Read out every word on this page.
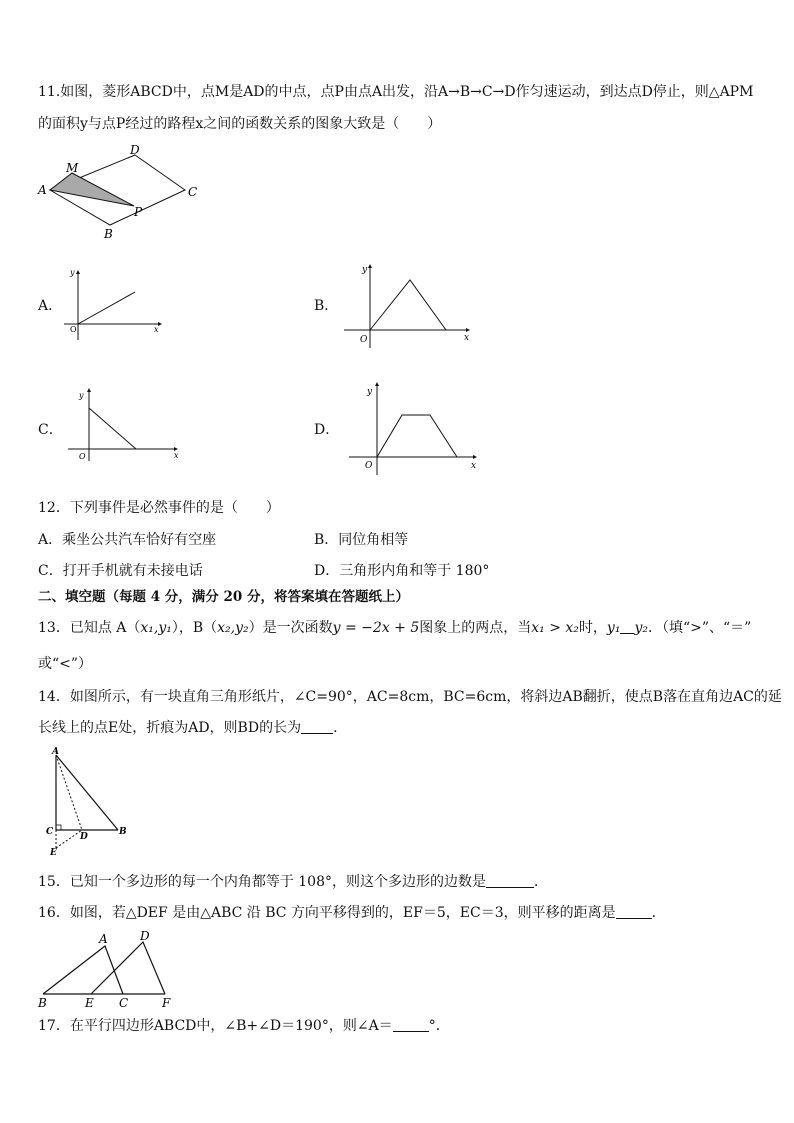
11.如图，菱形ABCD中，点M是AD的中点，点P由点A出发，沿A→B→C→D作匀速运动，到达点D停止，则△APM
的面积y与点P经过的路程x之间的函数关系的图象大致是（　　）
D
M
A	C
P
B
A．
y
x
O
B．
y
x
O
C．
y
x
O
D．
y
x
O
12．下列事件是必然事件的是（　　）
A．乘坐公共汽车恰好有空座	B．同位角相等
C．打开手机就有未接电话	D．三角形内角和等于 180°
二、填空题（每题 4 分，满分 20 分，将答案填在答题纸上）
13．已知点 A（x₁,y₁），B（x₂,y₂）是一次函数y = −2x + 5图象上的两点，当x₁ > x₂时，y₁ y₂．（填“>”、“＝”
或“<”）
14．如图所示，有一块直角三角形纸片，∠C=90°，AC=8cm，BC=6cm，将斜边AB翻折，使点B落在直角边AC的延
长线上的点E处，折痕为AD，则BD的长为 .
A
C	D	B
E
15．已知一个多边形的每一个内角都等于 108°，则这个多边形的边数是	．
16．如图，若△DEF 是由△ABC 沿 BC 方向平移得到的，EF＝5，EC＝3，则平移的距离是	．
A	D
B	E C	F
17．在平行四边形ABCD中，∠B+∠D＝190°，则∠A＝	°．
